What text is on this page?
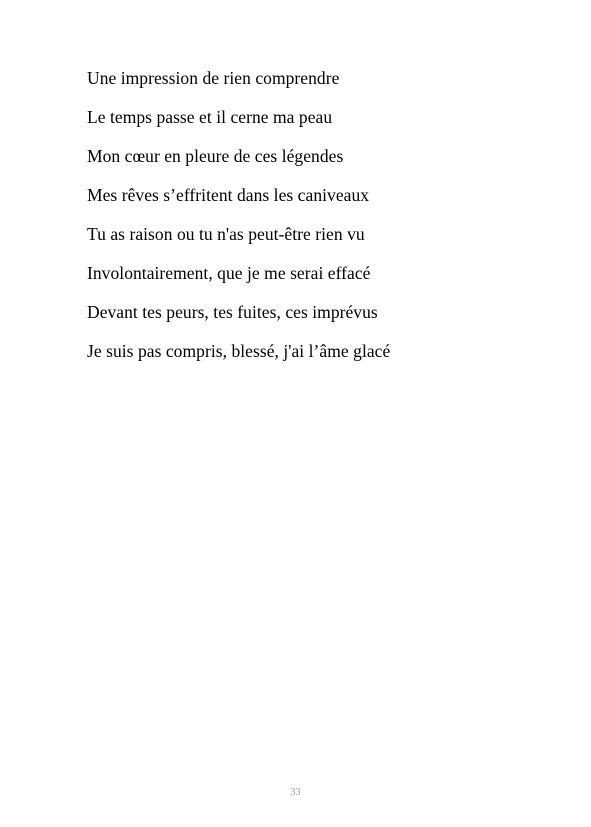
Une impression de rien comprendre
Le temps passe et il cerne ma peau
Mon cœur en pleure de ces légendes
Mes rêves s’effritent dans les caniveaux
Tu as raison ou tu n'as peut-être rien vu
Involontairement, que je me serai effacé
Devant tes peurs, tes fuites, ces imprévus
Je suis pas compris, blessé, j'ai l’âme glacé
33
